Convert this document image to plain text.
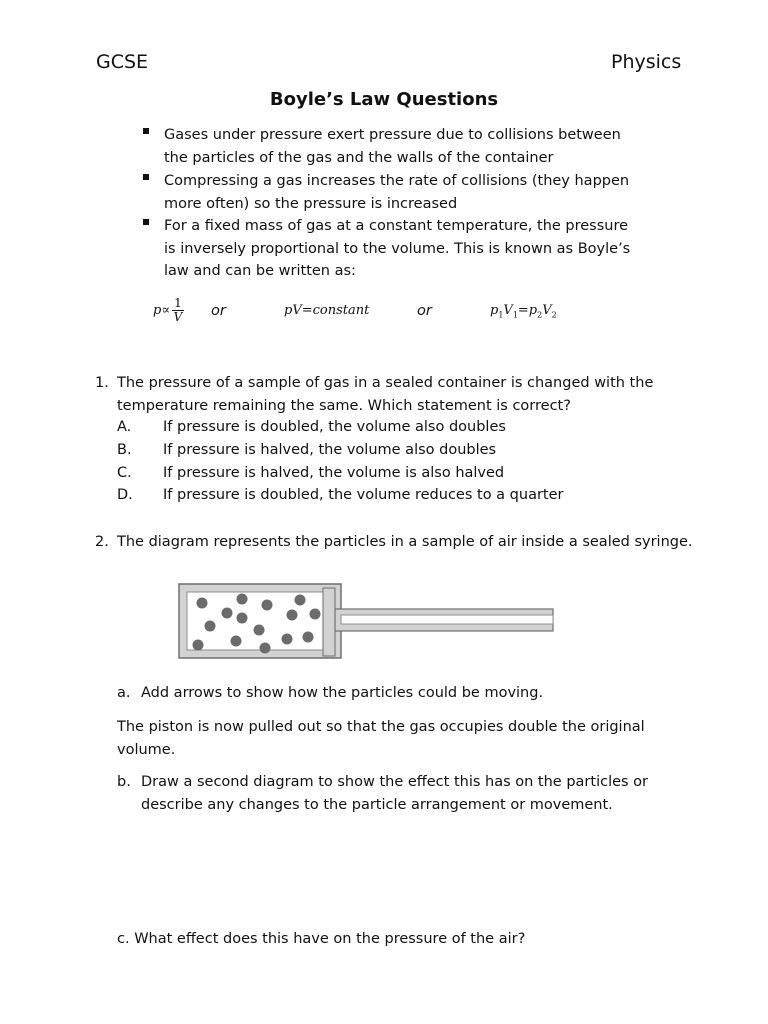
GCSE	Physics
Boyle’s Law Questions
Gases under pressure exert pressure due to collisions between
the particles of the gas and the walls of the container
Compressing a gas increases the rate of collisions (they happen
more often) so the pressure is increased
For a fixed mass of gas at a constant temperature, the pressure
is inversely proportional to the volume. This is known as Boyle’s
law and can be written as:
$p\propto \frac{1}{V}$ or	pV=constant	or	$p_1V_1=p_2V_2$
1. The pressure of a sample of gas in a sealed container is changed with the
temperature remaining the same. Which statement is correct?
A. If pressure is doubled, the volume also doubles
B. If pressure is halved, the volume also doubles
C. If pressure is halved, the volume is also halved
D. If pressure is doubled, the volume reduces to a quarter
2. The diagram represents the particles in a sample of air inside a sealed syringe.
a. Add arrows to show how the particles could be moving.
The piston is now pulled out so that the gas occupies double the original
volume.
b. Draw a second diagram to show the effect this has on the particles or
describe any changes to the particle arrangement or movement.
c. What effect does this have on the pressure of the air?
